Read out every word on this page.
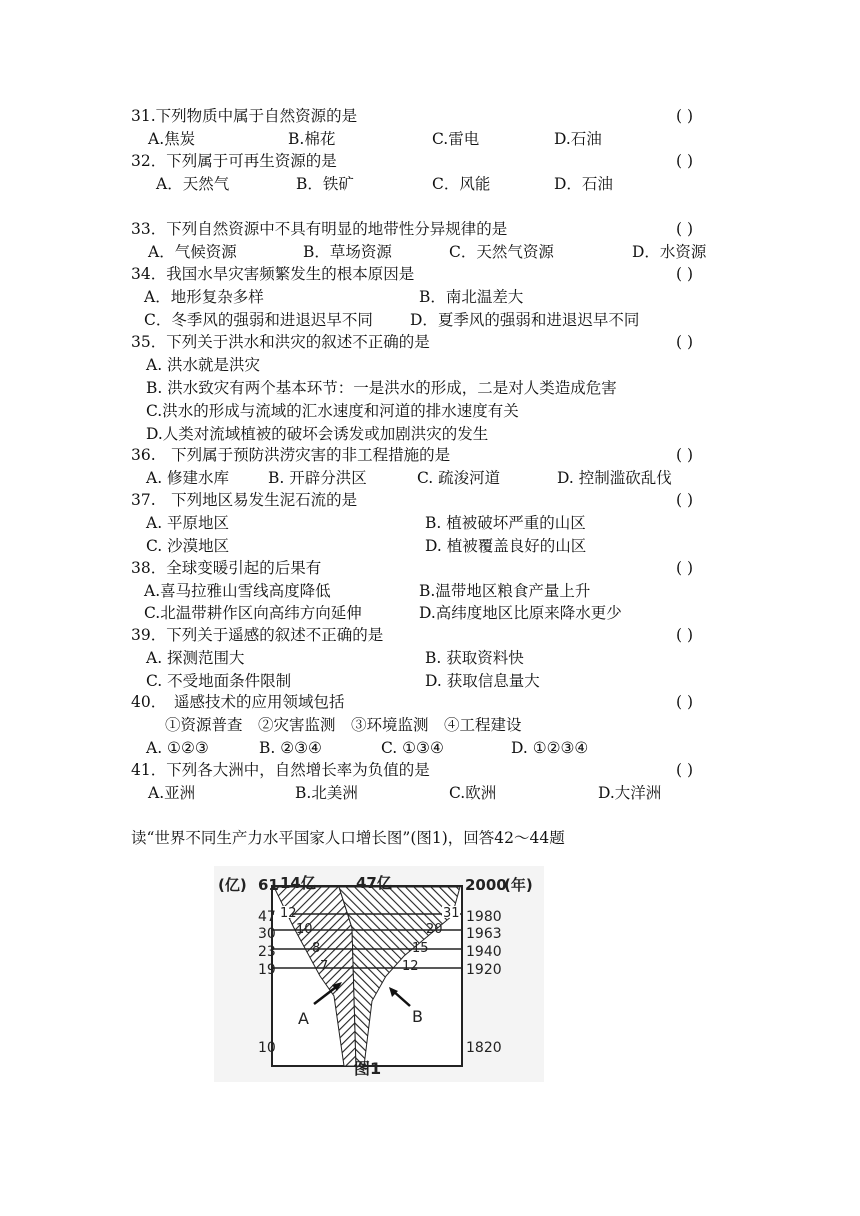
31.下列物质中属于自然资源的是	( )
A.焦炭	B.棉花	C.雷电	D.石油
32．下列属于可再生资源的是	( )
A．天然气	B．铁矿	C．风能	D．石油
33．下列自然资源中不具有明显的地带性分异规律的是	( )
A．气候资源	B．草场资源	C．天然气资源	D．水资源
34．我国水旱灾害频繁发生的根本原因是	( )
A．地形复杂多样	B．南北温差大
C．冬季风的强弱和进退迟早不同 D．夏季风的强弱和进退迟早不同
35．下列关于洪水和洪灾的叙述不正确的是	( )
A. 洪水就是洪灾
B. 洪水致灾有两个基本环节：一是洪水的形成，二是对人类造成危害
C.洪水的形成与流域的汇水速度和河道的排水速度有关
D.人类对流域植被的破坏会诱发或加剧洪灾的发生
36.　下列属于预防洪涝灾害的非工程措施的是	( )
A. 修建水库	B. 开辟分洪区	C. 疏浚河道	D. 控制滥砍乱伐
37.　下列地区易发生泥石流的是	( )
A. 平原地区	B. 植被破坏严重的山区
C. 沙漠地区	D. 植被覆盖良好的山区
38．全球变暖引起的后果有	( )
A.喜马拉雅山雪线高度降低	B.温带地区粮食产量上升
C.北温带耕作区向高纬方向延伸	D.高纬度地区比原来降水更少
39．下列关于遥感的叙述不正确的是	( )
A. 探测范围大	B. 获取资料快
C. 不受地面条件限制	D. 获取信息量大
40．　遥感技术的应用领域包括	( )
①资源普查　②灾害监测　③环境监测　④工程建设
A. ①②③	B. ②③④	C. ①③④	D. ①②③④
41．下列各大洲中，自然增长率为负值的是	( )
A.亚洲	B.北美洲	C.欧洲	D.大洋洲
读“世界不同生产力水平国家人口增长图”(图1)，回答42～44题
(亿) 61 14亿	47亿	2000
(年)
47
30
23
19
10
1980
1963
1940
1920
1820
12
10
8
7
31
20
15
12
A	B
图1
